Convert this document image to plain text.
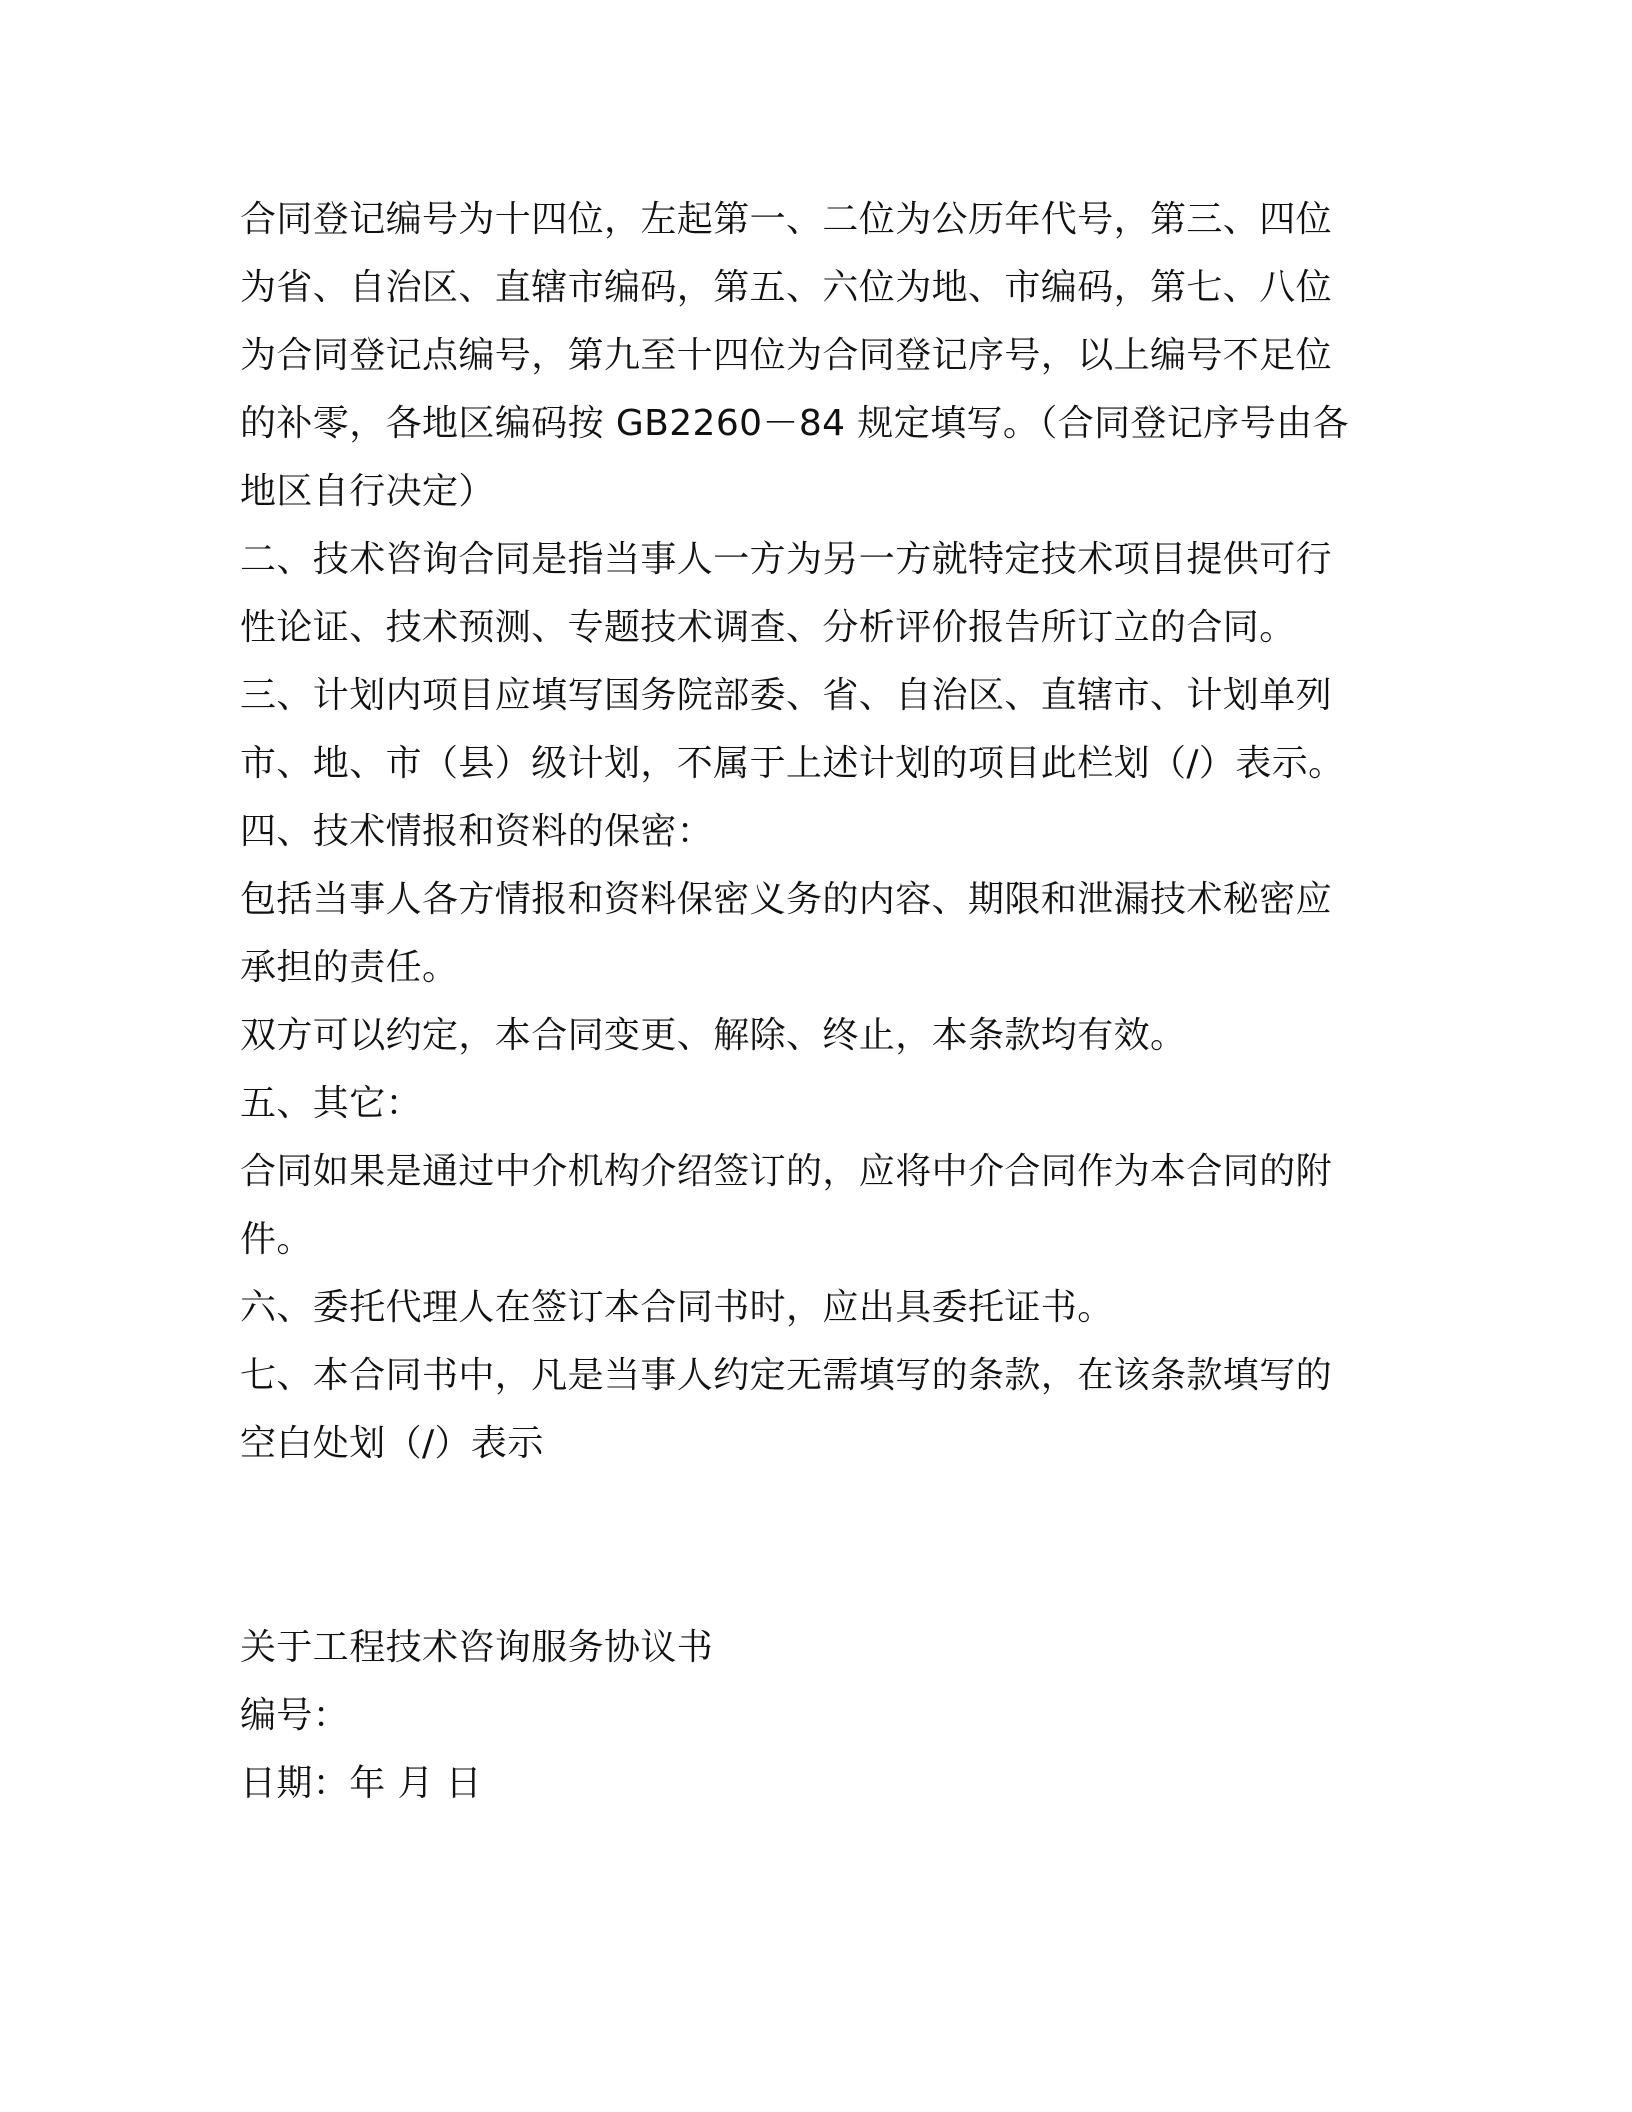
合同登记编号为十四位，左起第一、二位为公历年代号，第三、四位
为省、自治区、直辖市编码，第五、六位为地、市编码，第七、八位
为合同登记点编号，第九至十四位为合同登记序号，以上编号不足位
的补零，各地区编码按 GB2260－84 规定填写。（合同登记序号由各
地区自行决定）

二、技术咨询合同是指当事人一方为另一方就特定技术项目提供可行
性论证、技术预测、专题技术调查、分析评价报告所订立的合同。

三、计划内项目应填写国务院部委、省、自治区、直辖市、计划单列
市、地、市（县）级计划，不属于上述计划的项目此栏划（/）表示。

四、技术情报和资料的保密：

包括当事人各方情报和资料保密义务的内容、期限和泄漏技术秘密应
承担的责任。

双方可以约定，本合同变更、解除、终止，本条款均有效。

五、其它：

合同如果是通过中介机构介绍签订的，应将中介合同作为本合同的附
件。

六、委托代理人在签订本合同书时，应出具委托证书。

七、本合同书中，凡是当事人约定无需填写的条款，在该条款填写的
空白处划（/）表示

关于工程技术咨询服务协议书

编号：

日期：年 月 日
